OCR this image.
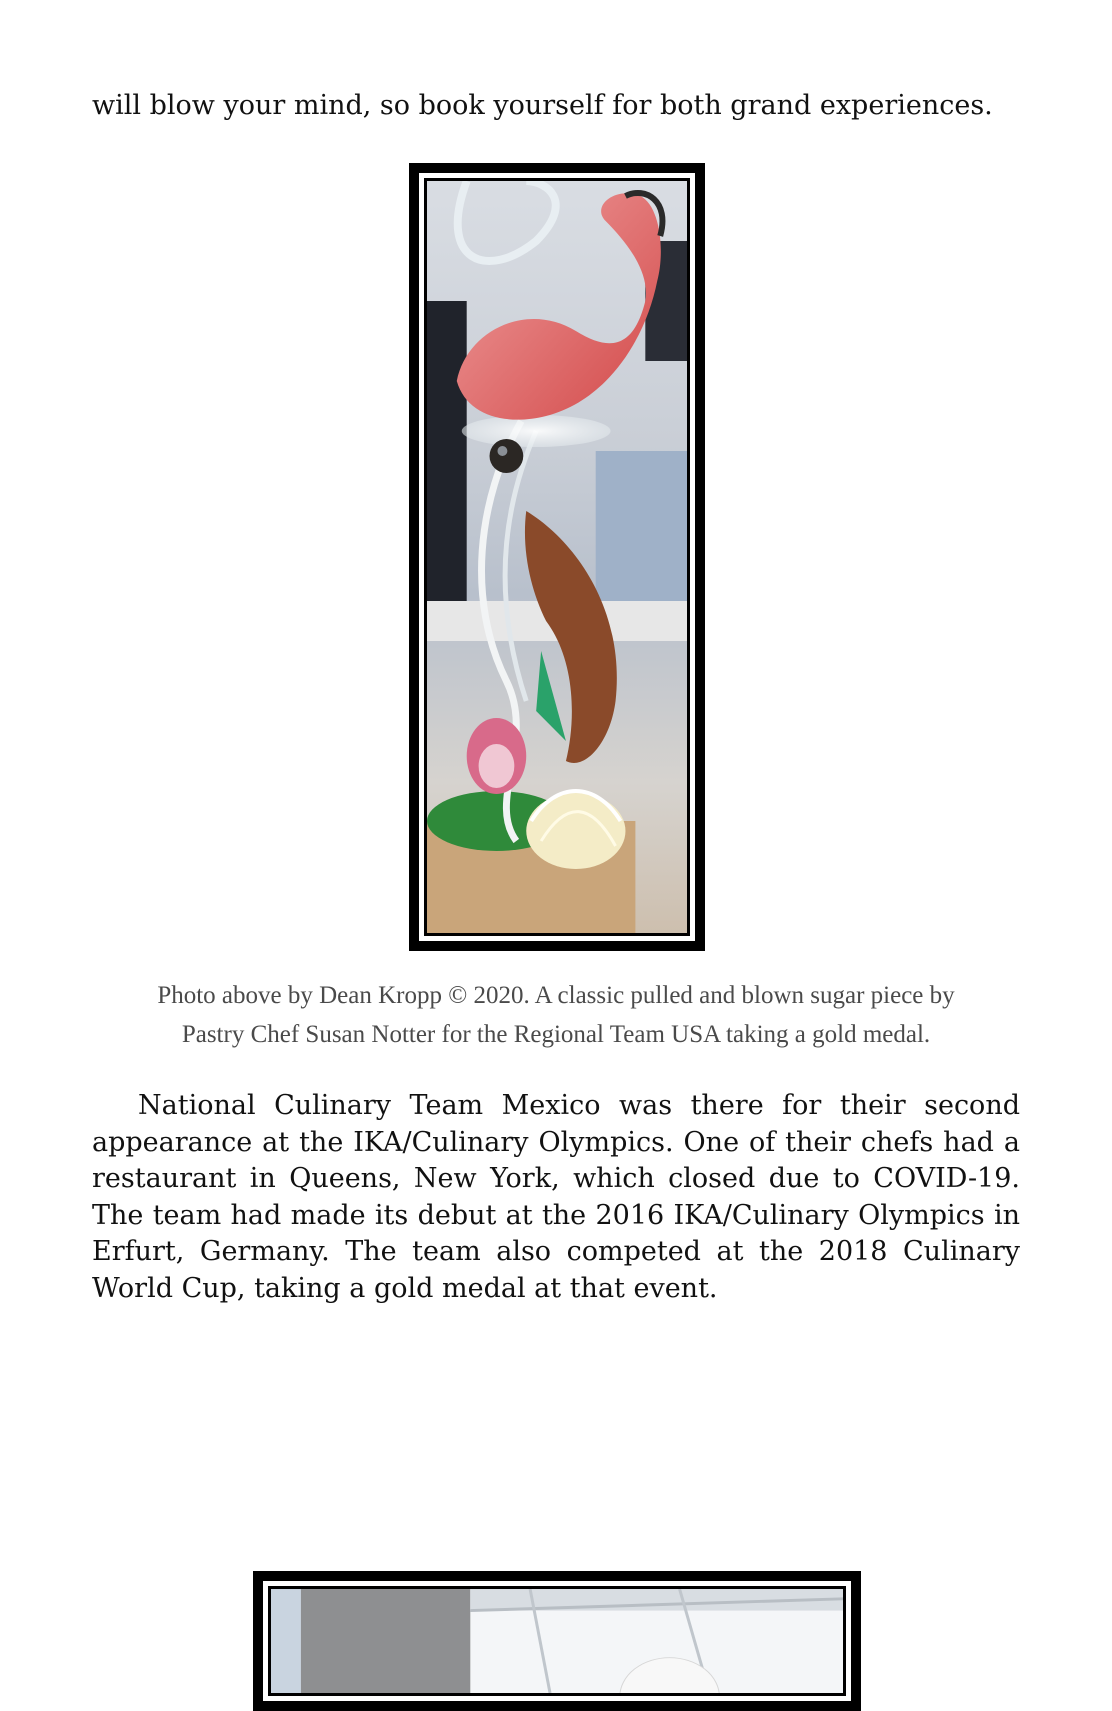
will blow your mind, so book yourself for both grand experiences.

Photo above by Dean Kropp © 2020. A classic pulled and blown sugar piece by
Pastry Chef Susan Notter for the Regional Team USA taking a gold medal.

National Culinary Team Mexico was there for their second appearance at the IKA/Culinary Olympics. One of their chefs had a restaurant in Queens, New York, which closed due to COVID-19. The team had made its debut at the 2016 IKA/Culinary Olympics in Erfurt, Germany. The team also competed at the 2018 Culinary World Cup, taking a gold medal at that event.
